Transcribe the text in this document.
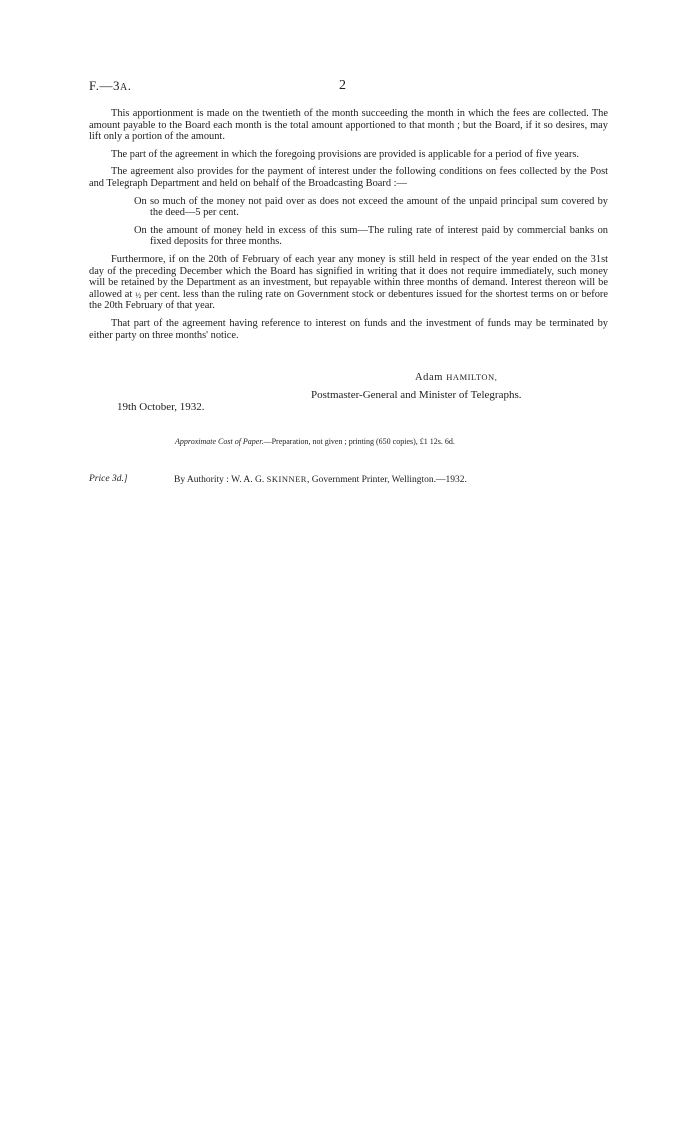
F.—3A.	2

This apportionment is made on the twentieth of the month succeeding the month in which the fees are collected. The amount payable to the Board each month is the total amount apportioned to that month ; but the Board, if it so desires, may lift only a portion of the amount.

The part of the agreement in which the foregoing provisions are provided is applicable for a period of five years.

The agreement also provides for the payment of interest under the following conditions on fees collected by the Post and Telegraph Department and held on behalf of the Broadcasting Board :—

On so much of the money not paid over as does not exceed the amount of the unpaid principal sum covered by the deed—5 per cent.

On the amount of money held in excess of this sum—The ruling rate of interest paid by commercial banks on fixed deposits for three months.

Furthermore, if on the 20th of February of each year any money is still held in respect of the year ended on the 31st day of the preceding December which the Board has signified in writing that it does not require immediately, such money will be retained by the Department as an investment, but repayable within three months of demand. Interest thereon will be allowed at ½ per cent. less than the ruling rate on Government stock or debentures issued for the shortest terms on or before the 20th February of that year.

That part of the agreement having reference to interest on funds and the investment of funds may be terminated by either party on three months' notice.

Adam HAMILTON,
Postmaster-General and Minister of Telegraphs.
19th October, 1932.
Approximate Cost of Paper.—Preparation, not given ; printing (650 copies), £1 12s. 6d.
Price 3d.]	By Authority : W. A. G. SKINNER, Government Printer, Wellington.—1932.
